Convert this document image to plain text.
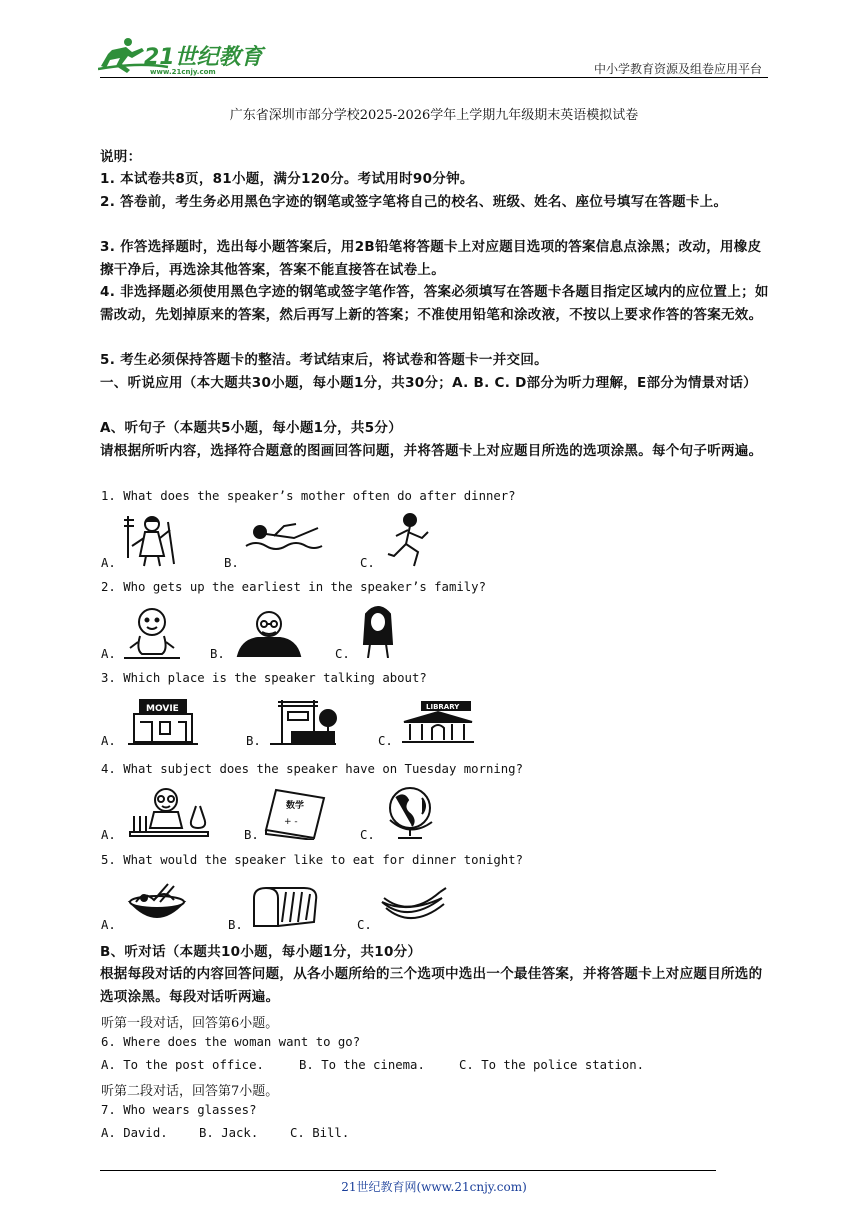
21世纪教育
www.21cnjy.com	中小学教育资源及组卷应用平台
广东省深圳市部分学校2025-2026学年上学期九年级期末英语模拟试卷
说明：
1. 本试卷共8页，81小题，满分120分。考试用时90分钟。
2. 答卷前，考生务必用黑色字迹的钢笔或签字笔将自己的校名、班级、姓名、座位号填写在答题卡上。
3. 作答选择题时，选出每小题答案后，用2B铅笔将答题卡上对应题目选项的答案信息点涂黑；改动，用橡皮擦干净后，再选涂其他答案，答案不能直接答在试卷上。
4. 非选择题必须使用黑色字迹的钢笔或签字笔作答，答案必须填写在答题卡各题目指定区域内的应位置上；如需改动，先划掉原来的答案，然后再写上新的答案；不准使用铅笔和涂改液，不按以上要求作答的答案无效。
5. 考生必须保持答题卡的整洁。考试结束后，将试卷和答题卡一并交回。
一、听说应用（本大题共30小题，每小题1分，共30分；A. B. C. D部分为听力理解，E部分为情景对话）
A、听句子（本题共5小题，每小题1分，共5分）
请根据所听内容，选择符合题意的图画回答问题，并将答题卡上对应题目所选的选项涂黑。每个句子听两遍。
1. What does the speaker’s mother often do after dinner?
A.	B.	C.
2. Who gets up the earliest in the speaker’s family?
A.	B.	C.
3. Which place is the speaker talking about?
A.
MOVIE
B.	C.
LIBRARY
4. What subject does the speaker have on Tuesday morning?
A.	B.
数学
+ -
C.
5. What would the speaker like to eat for dinner tonight?
A.	B.	C.
B、听对话（本题共10小题，每小题1分，共10分）
根据每段对话的内容回答问题，从各小题所给的三个选项中选出一个最佳答案，并将答题卡上对应题目所选的选项涂黑。每段对话听两遍。
听第一段对话，回答第6小题。
6. Where does the woman want to go?
A. To the post office.	B. To the cinema.	C. To the police station.
听第二段对话，回答第7小题。
7. Who wears glasses?
A. David.	B. Jack.	C. Bill.
21世纪教育网(www.21cnjy.com)
